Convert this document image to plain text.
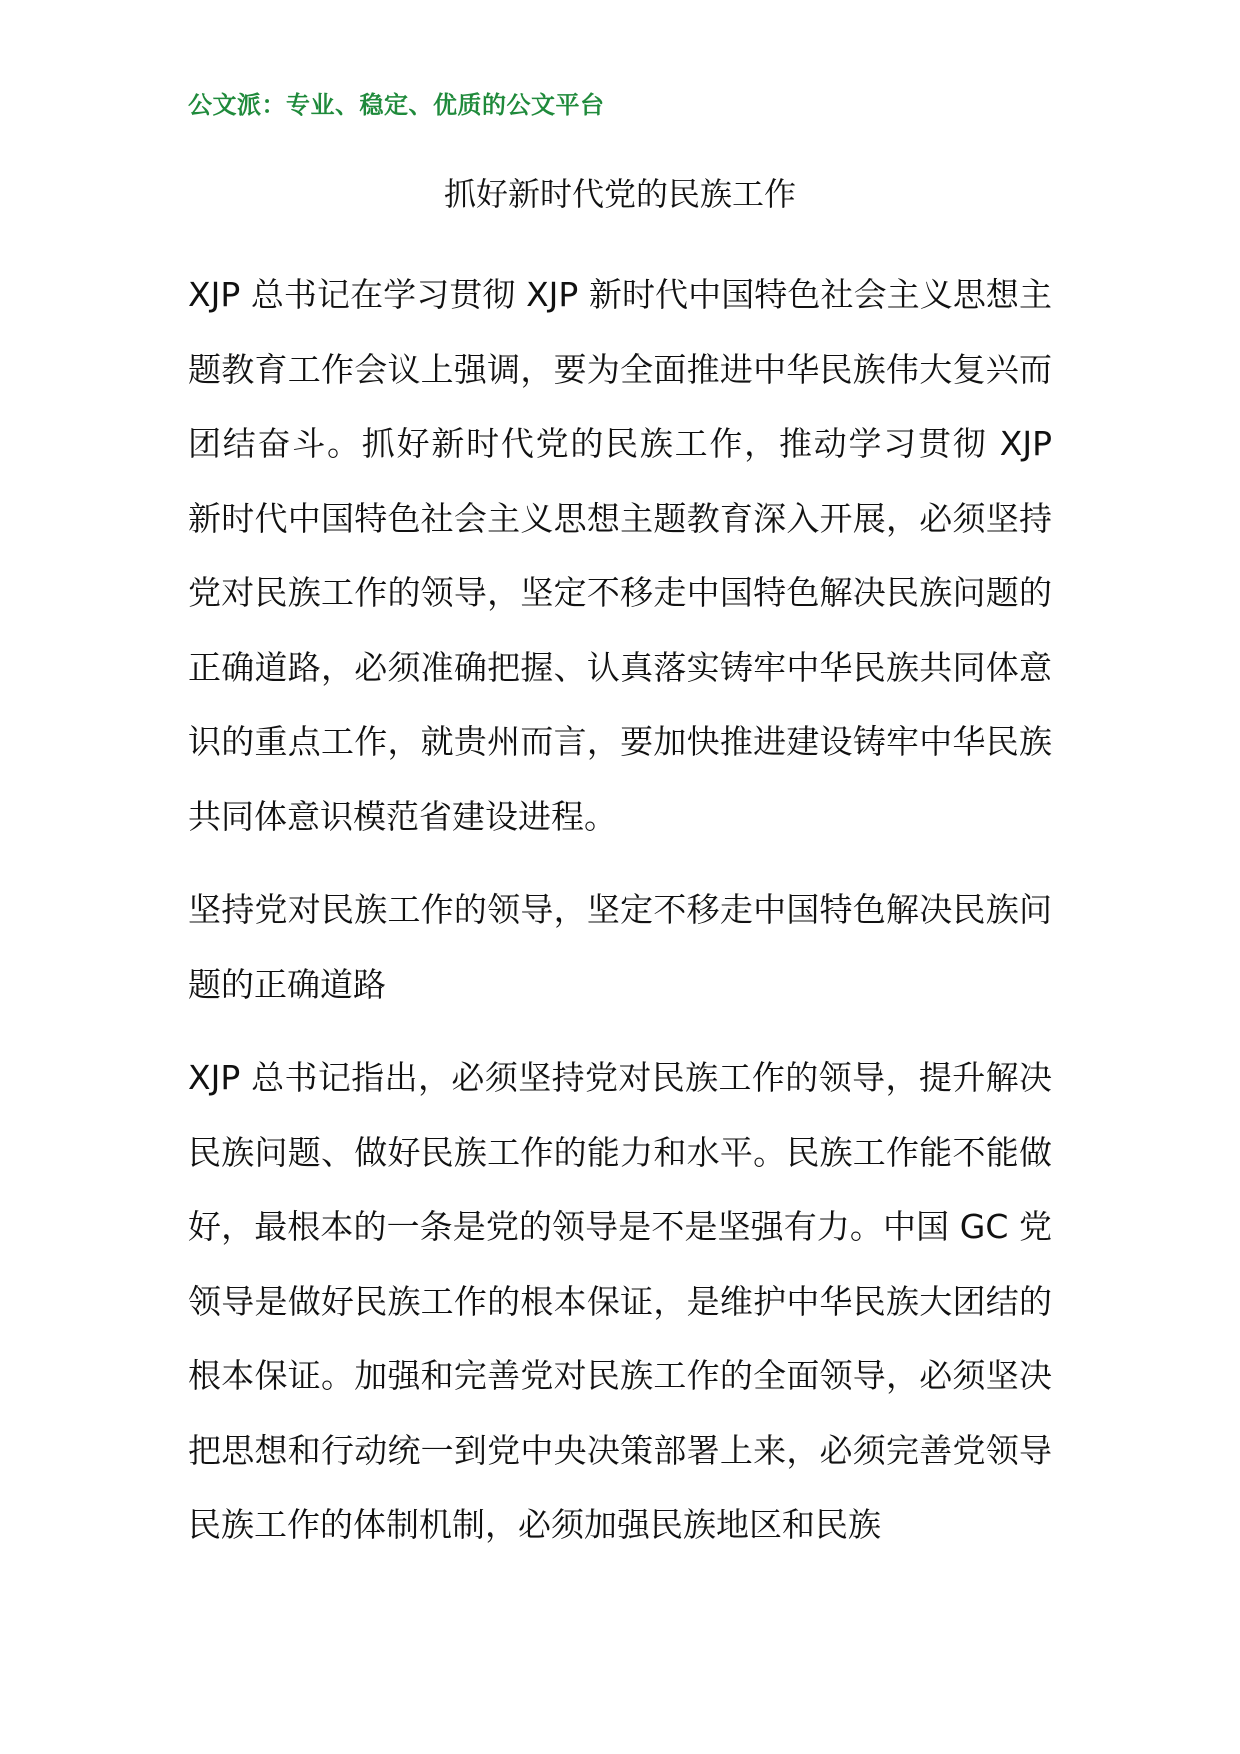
公文派：专业、稳定、优质的公文平台
抓好新时代党的民族工作

XJP 总书记在学习贯彻 XJP 新时代中国特色社会主义思想主题教育工作会议上强调，要为全面推进中华民族伟大复兴而团结奋斗。抓好新时代党的民族工作，推动学习贯彻 XJP 新时代中国特色社会主义思想主题教育深入开展，必须坚持党对民族工作的领导，坚定不移走中国特色解决民族问题的正确道路，必须准确把握、认真落实铸牢中华民族共同体意识的重点工作，就贵州而言，要加快推进建设铸牢中华民族共同体意识模范省建设进程。

坚持党对民族工作的领导，坚定不移走中国特色解决民族问题的正确道路

XJP 总书记指出，必须坚持党对民族工作的领导，提升解决民族问题、做好民族工作的能力和水平。民族工作能不能做好，最根本的一条是党的领导是不是坚强有力。中国 GC 党领导是做好民族工作的根本保证，是维护中华民族大团结的根本保证。加强和完善党对民族工作的全面领导，必须坚决把思想和行动统一到党中央决策部署上来，必须完善党领导民族工作的体制机制，必须加强民族地区和民族
